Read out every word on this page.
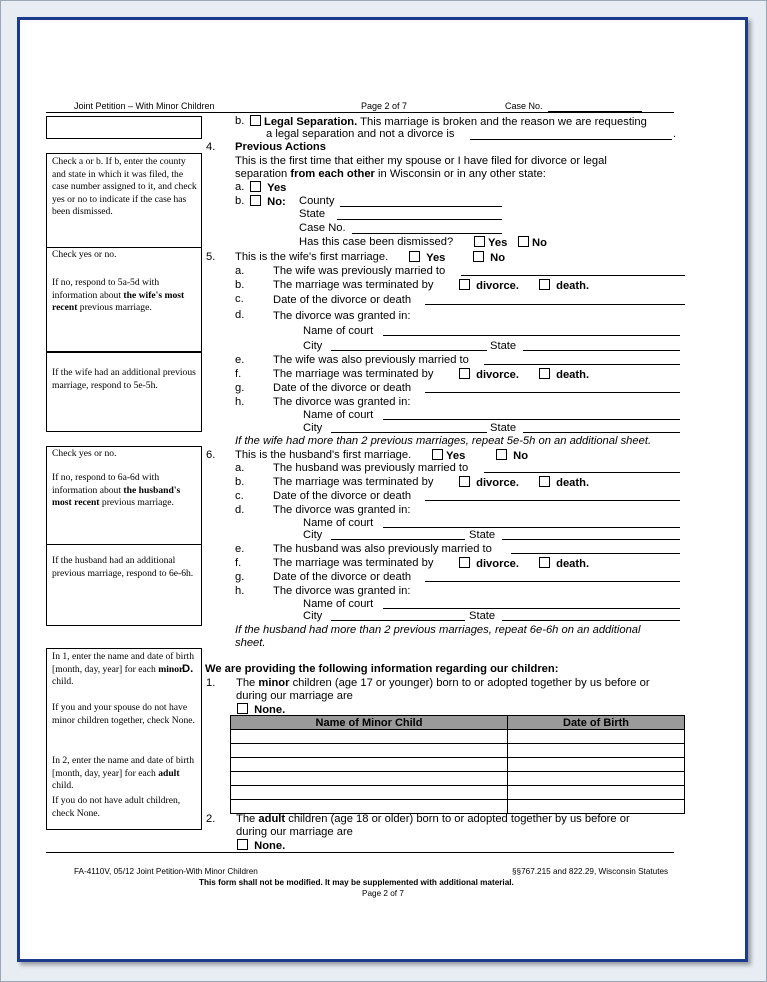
Joint Petition – With Minor Children	Page 2 of 7	Case No.
Check a or b. If b, enter the county and state in which it was filed, the case number assigned to it, and check yes or no to indicate if the case has been dismissed.
Check yes or no.
If no, respond to 5a-5d with information about the wife's most recent previous marriage.
If the wife had an additional previous marriage, respond to 5e-5h.
Check yes or no.
If no, respond to 6a-6d with information about the husband's most recent previous marriage.
If the husband had an additional previous marriage, respond to 6e-6h.
In 1, enter the name and date of birth [month, day, year] for each minor child.
If you and your spouse do not have minor children together, check None.
In 2, enter the name and date of birth [month, day, year] for each adult child.
If you do not have adult children, check None.
b.	Legal Separation. This marriage is broken and the reason we are requesting
a legal separation and not a divorce is	.
4. Previous Actions
This is the first time that either my spouse or I have filed for divorce or legal
separation from each other in Wisconsin or in any other state:
a.	Yes
b.	No: County
State
Case No.
Has this case been dismissed?	Yes	No
5. This is the wife's first marriage.	Yes	No
a.	The wife was previously married to
b.	The marriage was terminated by	divorce.	death.
c.	Date of the divorce or death
d.	The divorce was granted in:
Name of court
City	State
e.	The wife was also previously married to
f.	The marriage was terminated by	divorce.	death.
g.	Date of the divorce or death
h.	The divorce was granted in:
Name of court
City	State
If the wife had more than 2 previous marriages, repeat 5e-5h on an additional sheet.
6. This is the husband's first marriage.	Yes	No
a.	The husband was previously married to
b.	The marriage was terminated by	divorce.	death.
c.	Date of the divorce or death
d.	The divorce was granted in:
Name of court
City	State
e.	The husband was also previously married to
f.	The marriage was terminated by	divorce.	death.
g.	Date of the divorce or death
h.	The divorce was granted in:
Name of court
City	State
If the husband had more than 2 previous marriages, repeat 6e-6h on an additional
sheet.
D. We are providing the following information regarding our children:
1. The minor children (age 17 or younger) born to or adopted together by us before or
during our marriage are
None.
Name of Minor Child	Date of Birth

2. The adult children (age 18 or older) born to or adopted together by us before or
during our marriage are
None.
FA-4110V, 05/12 Joint Petition-With Minor Children	§§767.215 and 822.29, Wisconsin Statutes
This form shall not be modified. It may be supplemented with additional material.
Page 2 of 7
